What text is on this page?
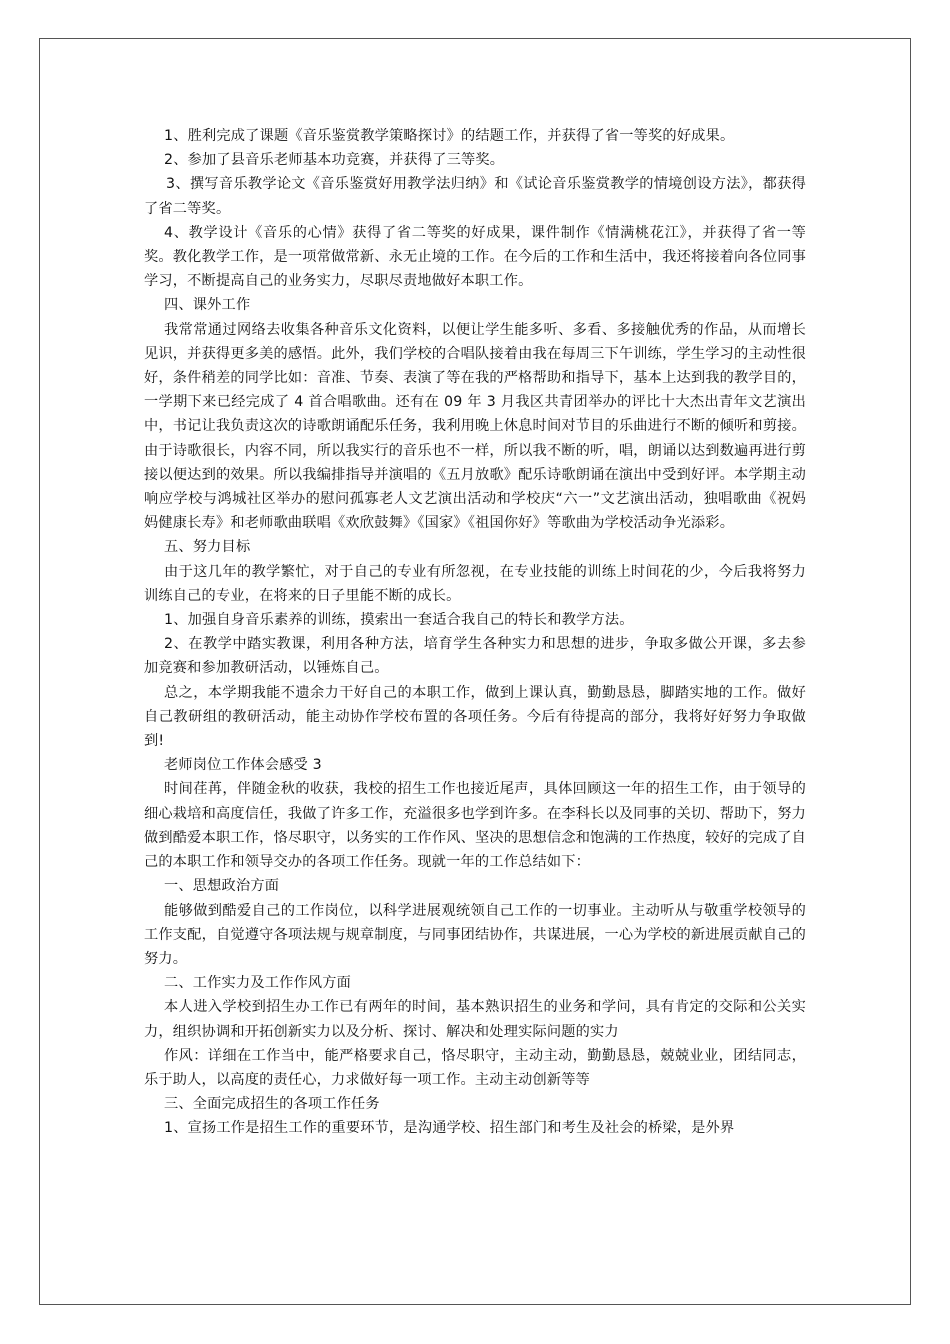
1、胜利完成了课题《音乐鉴赏教学策略探讨》的结题工作，并获得了省一等奖的好成果。

2、参加了县音乐老师基本功竞赛，并获得了三等奖。

3、撰写音乐教学论文《音乐鉴赏好用教学法归纳》和《试论音乐鉴赏教学的情境创设方法》，都获得了省二等奖。

4、教学设计《音乐的心情》获得了省二等奖的好成果，课件制作《情满桃花江》，并获得了省一等奖。教化教学工作，是一项常做常新、永无止境的工作。在今后的工作和生活中，我还将接着向各位同事学习，不断提高自己的业务实力，尽职尽责地做好本职工作。

四、课外工作

我常常通过网络去收集各种音乐文化资料，以便让学生能多听、多看、多接触优秀的作品，从而增长见识，并获得更多美的感悟。此外，我们学校的合唱队接着由我在每周三下午训练，学生学习的主动性很好，条件稍差的同学比如：音准、节奏、表演了等在我的严格帮助和指导下，基本上达到我的教学目的，一学期下来已经完成了 4 首合唱歌曲。还有在 09 年 3 月我区共青团举办的评比十大杰出青年文艺演出中，书记让我负责这次的诗歌朗诵配乐任务，我利用晚上休息时间对节目的乐曲进行不断的倾听和剪接。由于诗歌很长，内容不同，所以我实行的音乐也不一样，所以我不断的听，唱，朗诵以达到数遍再进行剪接以便达到的效果。所以我编排指导并演唱的《五月放歌》配乐诗歌朗诵在演出中受到好评。本学期主动响应学校与鸿城社区举办的慰问孤寡老人文艺演出活动和学校庆“六一”文艺演出活动，独唱歌曲《祝妈妈健康长寿》和老师歌曲联唱《欢欣鼓舞》《国家》《祖国你好》等歌曲为学校活动争光添彩。

五、努力目标

由于这几年的教学繁忙，对于自己的专业有所忽视，在专业技能的训练上时间花的少，今后我将努力训练自己的专业，在将来的日子里能不断的成长。

1、加强自身音乐素养的训练，摸索出一套适合我自己的特长和教学方法。

2、在教学中踏实教课，利用各种方法，培育学生各种实力和思想的进步，争取多做公开课，多去参加竞赛和参加教研活动，以锤炼自己。

总之，本学期我能不遗余力干好自己的本职工作，做到上课认真，勤勤恳恳，脚踏实地的工作。做好自己教研组的教研活动，能主动协作学校布置的各项任务。今后有待提高的部分，我将好好努力争取做到!

老师岗位工作体会感受 3

时间荏苒，伴随金秋的收获，我校的招生工作也接近尾声，具体回顾这一年的招生工作，由于领导的细心栽培和高度信任，我做了许多工作，充溢很多也学到许多。在李科长以及同事的关切、帮助下，努力做到酷爱本职工作，恪尽职守，以务实的工作作风、坚决的思想信念和饱满的工作热度，较好的完成了自己的本职工作和领导交办的各项工作任务。现就一年的工作总结如下：

一、思想政治方面

能够做到酷爱自己的工作岗位，以科学进展观统领自己工作的一切事业。主动听从与敬重学校领导的工作支配，自觉遵守各项法规与规章制度，与同事团结协作，共谋进展，一心为学校的新进展贡献自己的努力。

二、工作实力及工作作风方面

本人进入学校到招生办工作已有两年的时间，基本熟识招生的业务和学问，具有肯定的交际和公关实力，组织协调和开拓创新实力以及分析、探讨、解决和处理实际问题的实力

作风：详细在工作当中，能严格要求自己，恪尽职守，主动主动，勤勤恳恳，兢兢业业，团结同志，乐于助人，以高度的责任心，力求做好每一项工作。主动主动创新等等

三、全面完成招生的各项工作任务

1、宣扬工作是招生工作的重要环节，是沟通学校、招生部门和考生及社会的桥梁，是外界
